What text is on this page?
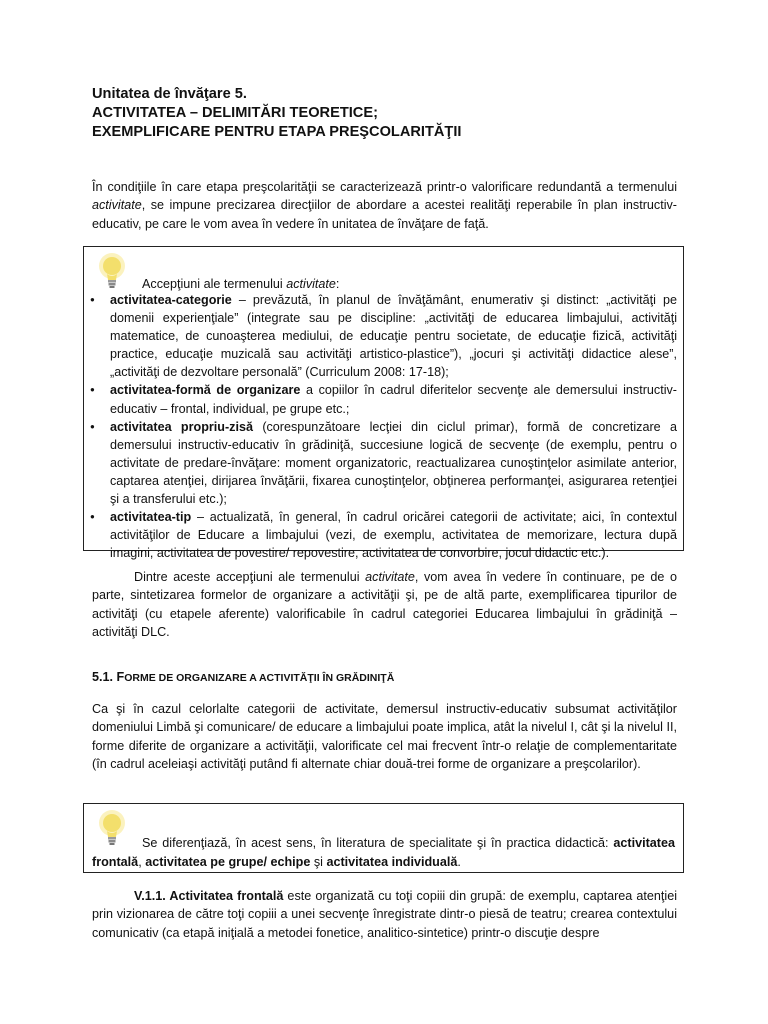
Unitatea de învăţare 5.
ACTIVITATEA – DELIMITĂRI TEORETICE;
EXEMPLIFICARE PENTRU ETAPA PREŞCOLARITĂŢII

În condiţiile în care etapa preşcolarităţii se caracterizează printr-o valorificare redundantă a termenului activitate, se impune precizarea direcţiilor de abordare a acestei realităţi reperabile în plan instructiv-educativ, pe care le vom avea în vedere în unitatea de învăţare de faţă.

Accepţiuni ale termenului activitate:
● activitatea-categorie – prevăzută, în planul de învăţământ, enumerativ şi distinct: „activităţi pe domenii experienţiale” (integrate sau pe discipline: „activităţi de educarea limbajului, activităţi matematice, de cunoaşterea mediului, de educaţie pentru societate, de educaţie fizică, activităţi practice, educaţie muzicală sau activităţi artistico-plastice”), „jocuri şi activităţi didactice alese”, „activităţi de dezvoltare personală” (Curriculum 2008: 17-18);
● activitatea-formă de organizare a copiilor în cadrul diferitelor secvenţe ale demersului instructiv-educativ – frontal, individual, pe grupe etc.;
● activitatea propriu-zisă (corespunzătoare lecţiei din ciclul primar), formă de concretizare a demersului instructiv-educativ în grădiniţă, succesiune logică de secvenţe (de exemplu, pentru o activitate de predare-învăţare: moment organizatoric, reactualizarea cunoştinţelor asimilate anterior, captarea atenţiei, dirijarea învăţării, fixarea cunoştinţelor, obţinerea performanţei, asigurarea retenţiei şi a transferului etc.);
● activitatea-tip – actualizată, în general, în cadrul oricărei categorii de activitate; aici, în contextul activităţilor de Educare a limbajului (vezi, de exemplu, activitatea de memorizare, lectura după imagini, activitatea de povestire/ repovestire, activitatea de convorbire, jocul didactic etc.).

Dintre aceste accepţiuni ale termenului activitate, vom avea în vedere în continuare, pe de o parte, sintetizarea formelor de organizare a activităţii şi, pe de altă parte, exemplificarea tipurilor de activităţi (cu etapele aferente) valorificabile în cadrul categoriei Educarea limbajului în grădiniţă – activităţi DLC.

5.1. FORME DE ORGANIZARE A ACTIVITĂŢII ÎN GRĂDINIŢĂ

Ca şi în cazul celorlalte categorii de activitate, demersul instructiv-educativ subsumat activităţilor domeniului Limbă şi comunicare/ de educare a limbajului poate implica, atât la nivelul I, cât şi la nivelul II, forme diferite de organizare a activităţii, valorificate cel mai frecvent într-o relaţie de complementaritate (în cadrul aceleiaşi activităţi putând fi alternate chiar două-trei forme de organizare a preşcolarilor).

Se diferenţiază, în acest sens, în literatura de specialitate şi în practica didactică: activitatea frontală, activitatea pe grupe/ echipe şi activitatea individuală.

V.1.1. Activitatea frontală este organizată cu toţi copiii din grupă: de exemplu, captarea atenţiei prin vizionarea de către toţi copiii a unei secvenţe înregistrate dintr-o piesă de teatru; crearea contextului comunicativ (ca etapă iniţială a metodei fonetice, analitico-sintetice) printr-o discuţie despre
